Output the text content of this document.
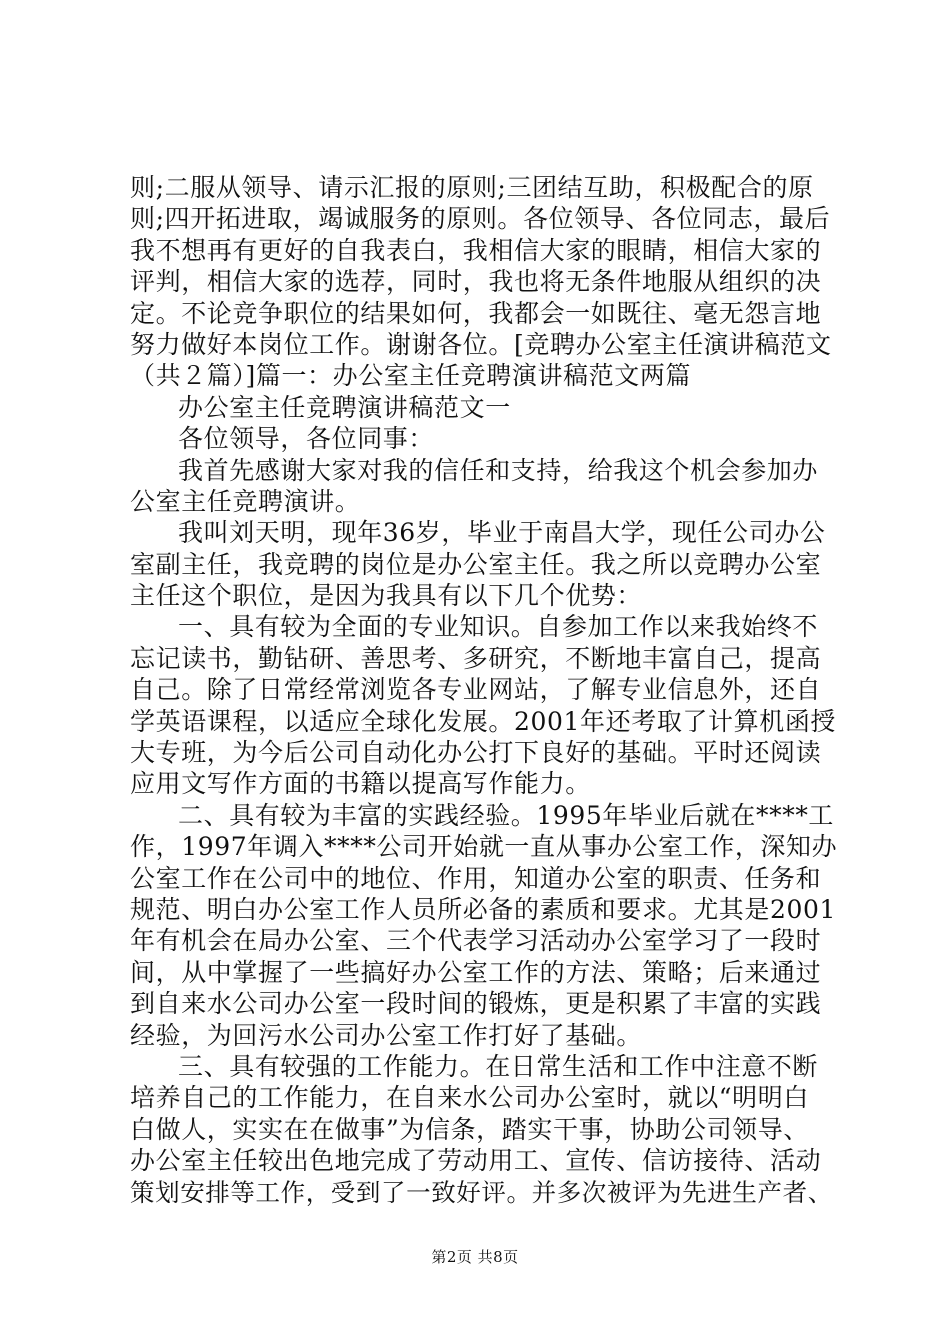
则;二服从领导、请示汇报的原则;三团结互助，积极配合的原
则;四开拓进取，竭诚服务的原则。各位领导、各位同志，最后
我不想再有更好的自我表白，我相信大家的眼睛，相信大家的
评判，相信大家的选荐，同时，我也将无条件地服从组织的决
定。不论竞争职位的结果如何，我都会一如既往、毫无怨言地
努力做好本岗位工作。谢谢各位。[竞聘办公室主任演讲稿范文
（共２篇）]篇一：办公室主任竞聘演讲稿范文两篇
办公室主任竞聘演讲稿范文一
各位领导，各位同事：
我首先感谢大家对我的信任和支持，给我这个机会参加办
公室主任竞聘演讲。
我叫刘天明，现年36岁，毕业于南昌大学，现任公司办公
室副主任，我竞聘的岗位是办公室主任。我之所以竞聘办公室
主任这个职位，是因为我具有以下几个优势：
一、具有较为全面的专业知识。自参加工作以来我始终不
忘记读书，勤钻研、善思考、多研究，不断地丰富自己，提高
自己。除了日常经常浏览各专业网站，了解专业信息外，还自
学英语课程，以适应全球化发展。2001年还考取了计算机函授
大专班，为今后公司自动化办公打下良好的基础。平时还阅读
应用文写作方面的书籍以提高写作能力。
二、具有较为丰富的实践经验。1995年毕业后就在****工
作，1997年调入****公司开始就一直从事办公室工作，深知办
公室工作在公司中的地位、作用，知道办公室的职责、任务和
规范、明白办公室工作人员所必备的素质和要求。尤其是2001
年有机会在局办公室、三个代表学习活动办公室学习了一段时
间，从中掌握了一些搞好办公室工作的方法、策略；后来通过
到自来水公司办公室一段时间的锻炼，更是积累了丰富的实践
经验，为回污水公司办公室工作打好了基础。
三、具有较强的工作能力。在日常生活和工作中注意不断
培养自己的工作能力，在自来水公司办公室时，就以“明明白
白做人，实实在在做事”为信条，踏实干事，协助公司领导、
办公室主任较出色地完成了劳动用工、宣传、信访接待、活动
策划安排等工作，受到了一致好评。并多次被评为先进生产者、
第2页 共8页
